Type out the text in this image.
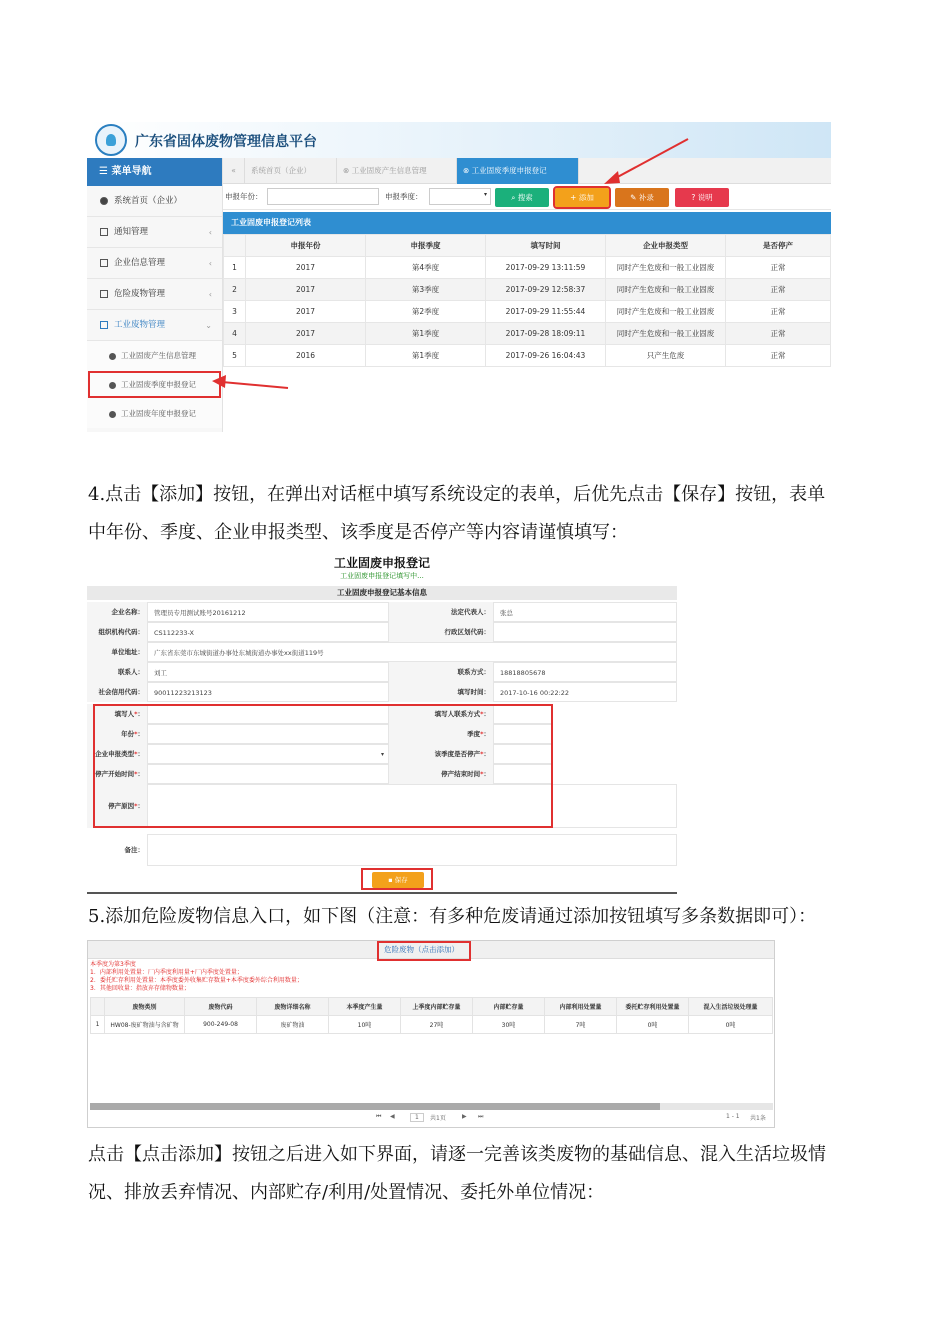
广东省固体废物管理信息平台
☰ 菜单导航
系统首页（企业）
通知管理	‹
企业信息管理	‹
危险废物管理	‹
工业废物管理	⌄
工业固废产生信息管理
工业固废季度申报登记
工业固废年度申报登记
«	系统首页（企业）	⊗ 工业固废产生信息管理	⊗ 工业固废季度申报登记
申报年份：	申报季度：	▾	⌕ 搜索	+ 添加	✎ 补录	? 说明
工业固废申报登记列表
	申报年份	申报季度	填写时间	企业申报类型	是否停产
1	2017	第4季度	2017-09-29 13:11:59	同时产生危废和一般工业固废	正常
2	2017	第3季度	2017-09-29 12:58:37	同时产生危废和一般工业固废	正常
3	2017	第2季度	2017-09-29 11:55:44	同时产生危废和一般工业固废	正常
4	2017	第1季度	2017-09-28 18:09:11	同时产生危废和一般工业固废	正常
5	2016	第1季度	2017-09-26 16:04:43	只产生危废	正常
4.点击【添加】按钮，在弹出对话框中填写系统设定的表单，后优先点击【保存】按钮，表单
中年份、季度、企业申报类型、该季度是否停产等内容请谨慎填写：
工业固废申报登记
工业固废申报登记填写中...
工业固废申报登记基本信息
企业名称：	管理员专用测试账号20161212	法定代表人：	张总
组织机构代码：	CS112233-X	行政区划代码：
单位地址：	广东省东莞市东城街道办事处东城街道办事处xx街道119号
联系人：	刘工	联系方式：	18818805678
社会信用代码：	90011223213123	填写时间：	2017-10-16 00:22:22
填写人*：	填写人联系方式*：
年份*：	季度*：
企业申报类型*：	▾	该季度是否停产*：
停产开始时间*：	停产结束时间*：
停产原因*：
备注：
▪ 保存
5.添加危险废物信息入口，如下图（注意：有多种危废请通过添加按钮填写多条数据即可）：
危险废物（点击添加）
本季度为第3季度
1．内部利用处置量：厂内季度利用量+厂内季度处置量；
2．委托贮存利用处置量：本季度委外收集贮存数量+本季度委外综合利用数量；
3．其他回收量：指放弃存储物数量；
	废物类别	废物代码	废物详细名称	本季度产生量	上季度内部贮存量	内部贮存量	内部利用处置量	委托贮存利用处置量	混入生活垃圾处理量
1	HW08-废矿物油与含矿物	900-249-08	废矿物油	10吨	27吨	30吨	7吨	0吨	0吨
⏮ ◀	1	共1页	▶ ⏭	1 - 1 共1条
点击【点击添加】按钮之后进入如下界面，请逐一完善该类废物的基础信息、混入生活垃圾情
况、排放丢弃情况、内部贮存/利用/处置情况、委托外单位情况：
